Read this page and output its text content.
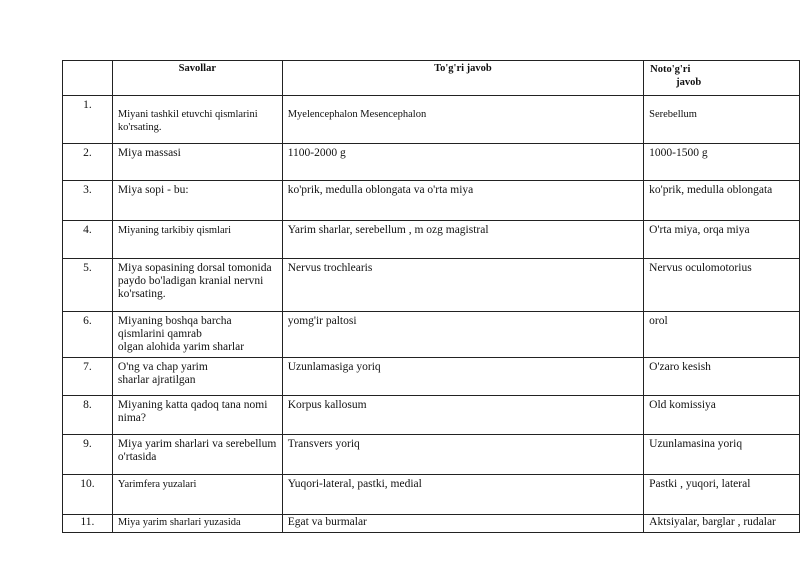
	Savollar	To'g'ri javob	Noto'g'ri
javob

1.	Miyani tashkil etuvchi qismlarini ko'rsating.	Myelencephalon Mesencephalon	Serebellum
2.	Miya massasi	1100-2000 g	1000-1500 g
3.	Miya sopi - bu:	ko'prik, medulla oblongata va o'rta miya	ko'prik, medulla oblongata
4.	Miyaning tarkibiy qismlari	Yarim sharlar, serebellum , m ozg magistral	O'rta miya, orqa miya
5.	Miya sopasining dorsal tomonida paydo bo'ladigan kranial nervni ko'rsating.	Nervus trochlearis	Nervus oculomotorius
6.	Miyaning boshqa barcha
qismlarini qamrab
olgan alohida yarim sharlar	yomg'ir paltosi	orol
7.	O'ng va chap yarim
sharlar ajratilgan	Uzunlamasiga yoriq	O'zaro kesish
8.	Miyaning katta qadoq tana nomi nima?	Korpus kallosum	Old komissiya
9.	Miya yarim sharlari va serebellum o'rtasida	Transvers yoriq	Uzunlamasina yoriq
10.	Yarimfera yuzalari	Yuqori-lateral, pastki, medial	Pastki , yuqori, lateral
11.	Miya yarim sharlari yuzasida	Egat va burmalar	Aktsiyalar, barglar , rudalar
